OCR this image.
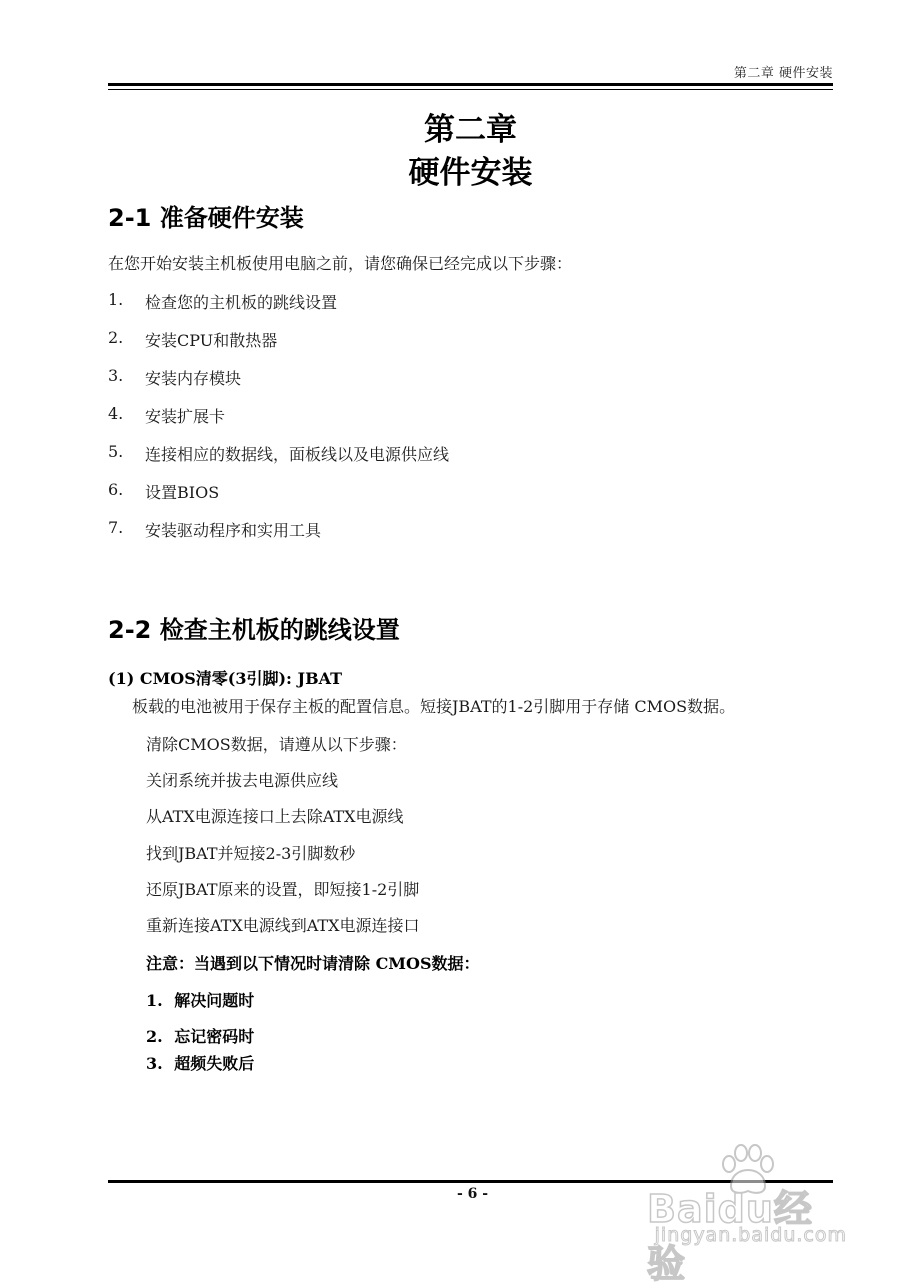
第二章 硬件安装
第二章
硬件安装
2-1 准备硬件安装
在您开始安装主机板使用电脑之前，请您确保已经完成以下步骤：
1. 检查您的主机板的跳线设置
2. 安装CPU和散热器
3. 安装内存模块
4. 安装扩展卡
5. 连接相应的数据线，面板线以及电源供应线
6. 设置BIOS
7. 安装驱动程序和实用工具
2-2 检查主机板的跳线设置
(1) CMOS清零(3引脚): JBAT
板载的电池被用于保存主板的配置信息。短接JBAT的1-2引脚用于存储 CMOS数据。
清除CMOS数据，请遵从以下步骤：
关闭系统并拔去电源供应线
从ATX电源连接口上去除ATX电源线
找到JBAT并短接2-3引脚数秒
还原JBAT原来的设置，即短接1-2引脚
重新连接ATX电源线到ATX电源连接口
注意：当遇到以下情况时请清除 CMOS数据：
1. 解决问题时
2. 忘记密码时
3. 超频失败后
- 6 -	Baidu经验
jingyan.baidu.com
